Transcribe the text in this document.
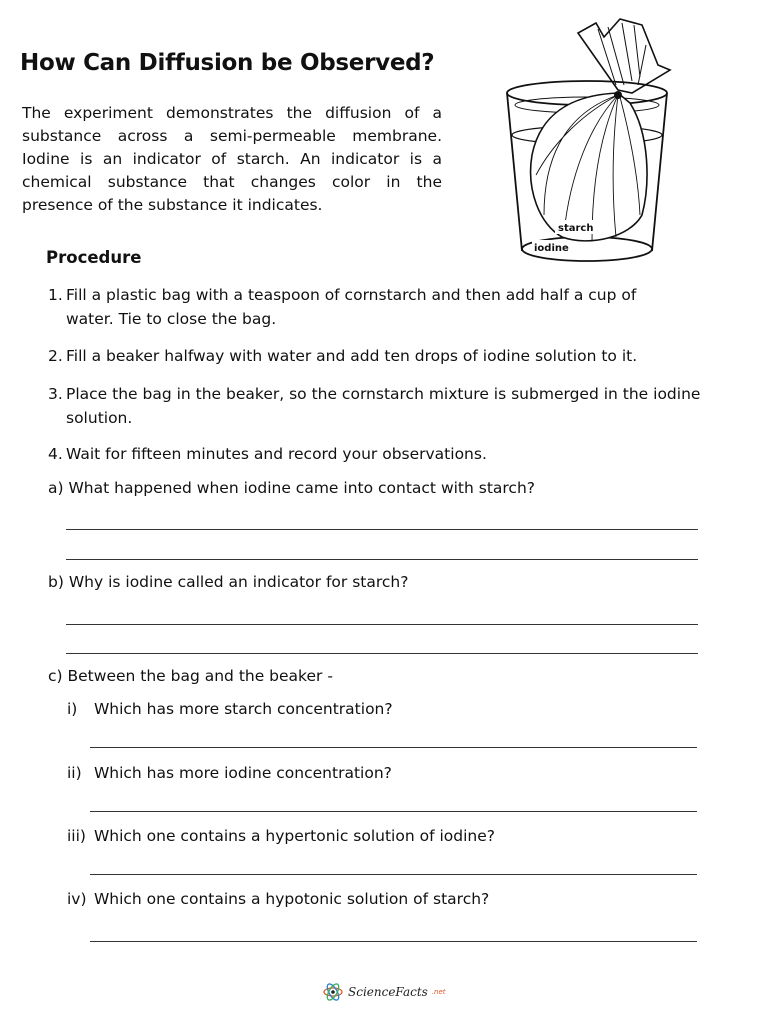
How Can Diffusion be Observed?
The experiment demonstrates the diffusion of a substance across a semi-permeable membrane. Iodine is an indicator of starch. An indicator is a chemical substance that changes color in the presence of the substance it indicates.
starch
iodine
Procedure
1. Fill a plastic bag with a teaspoon of cornstarch and then add half a cup of
water. Tie to close the bag.
2. Fill a beaker halfway with water and add ten drops of iodine solution to it.
3. Place the bag in the beaker, so the cornstarch mixture is submerged in the iodine
solution.
4. Wait for fifteen minutes and record your observations.
a) What happened when iodine came into contact with starch?
b) Why is iodine called an indicator for starch?
c) Between the bag and the beaker -
i) Which has more starch concentration?
ii) Which has more iodine concentration?
iii) Which one contains a hypertonic solution of iodine?
iv) Which one contains a hypotonic solution of starch?
ScienceFacts .net
